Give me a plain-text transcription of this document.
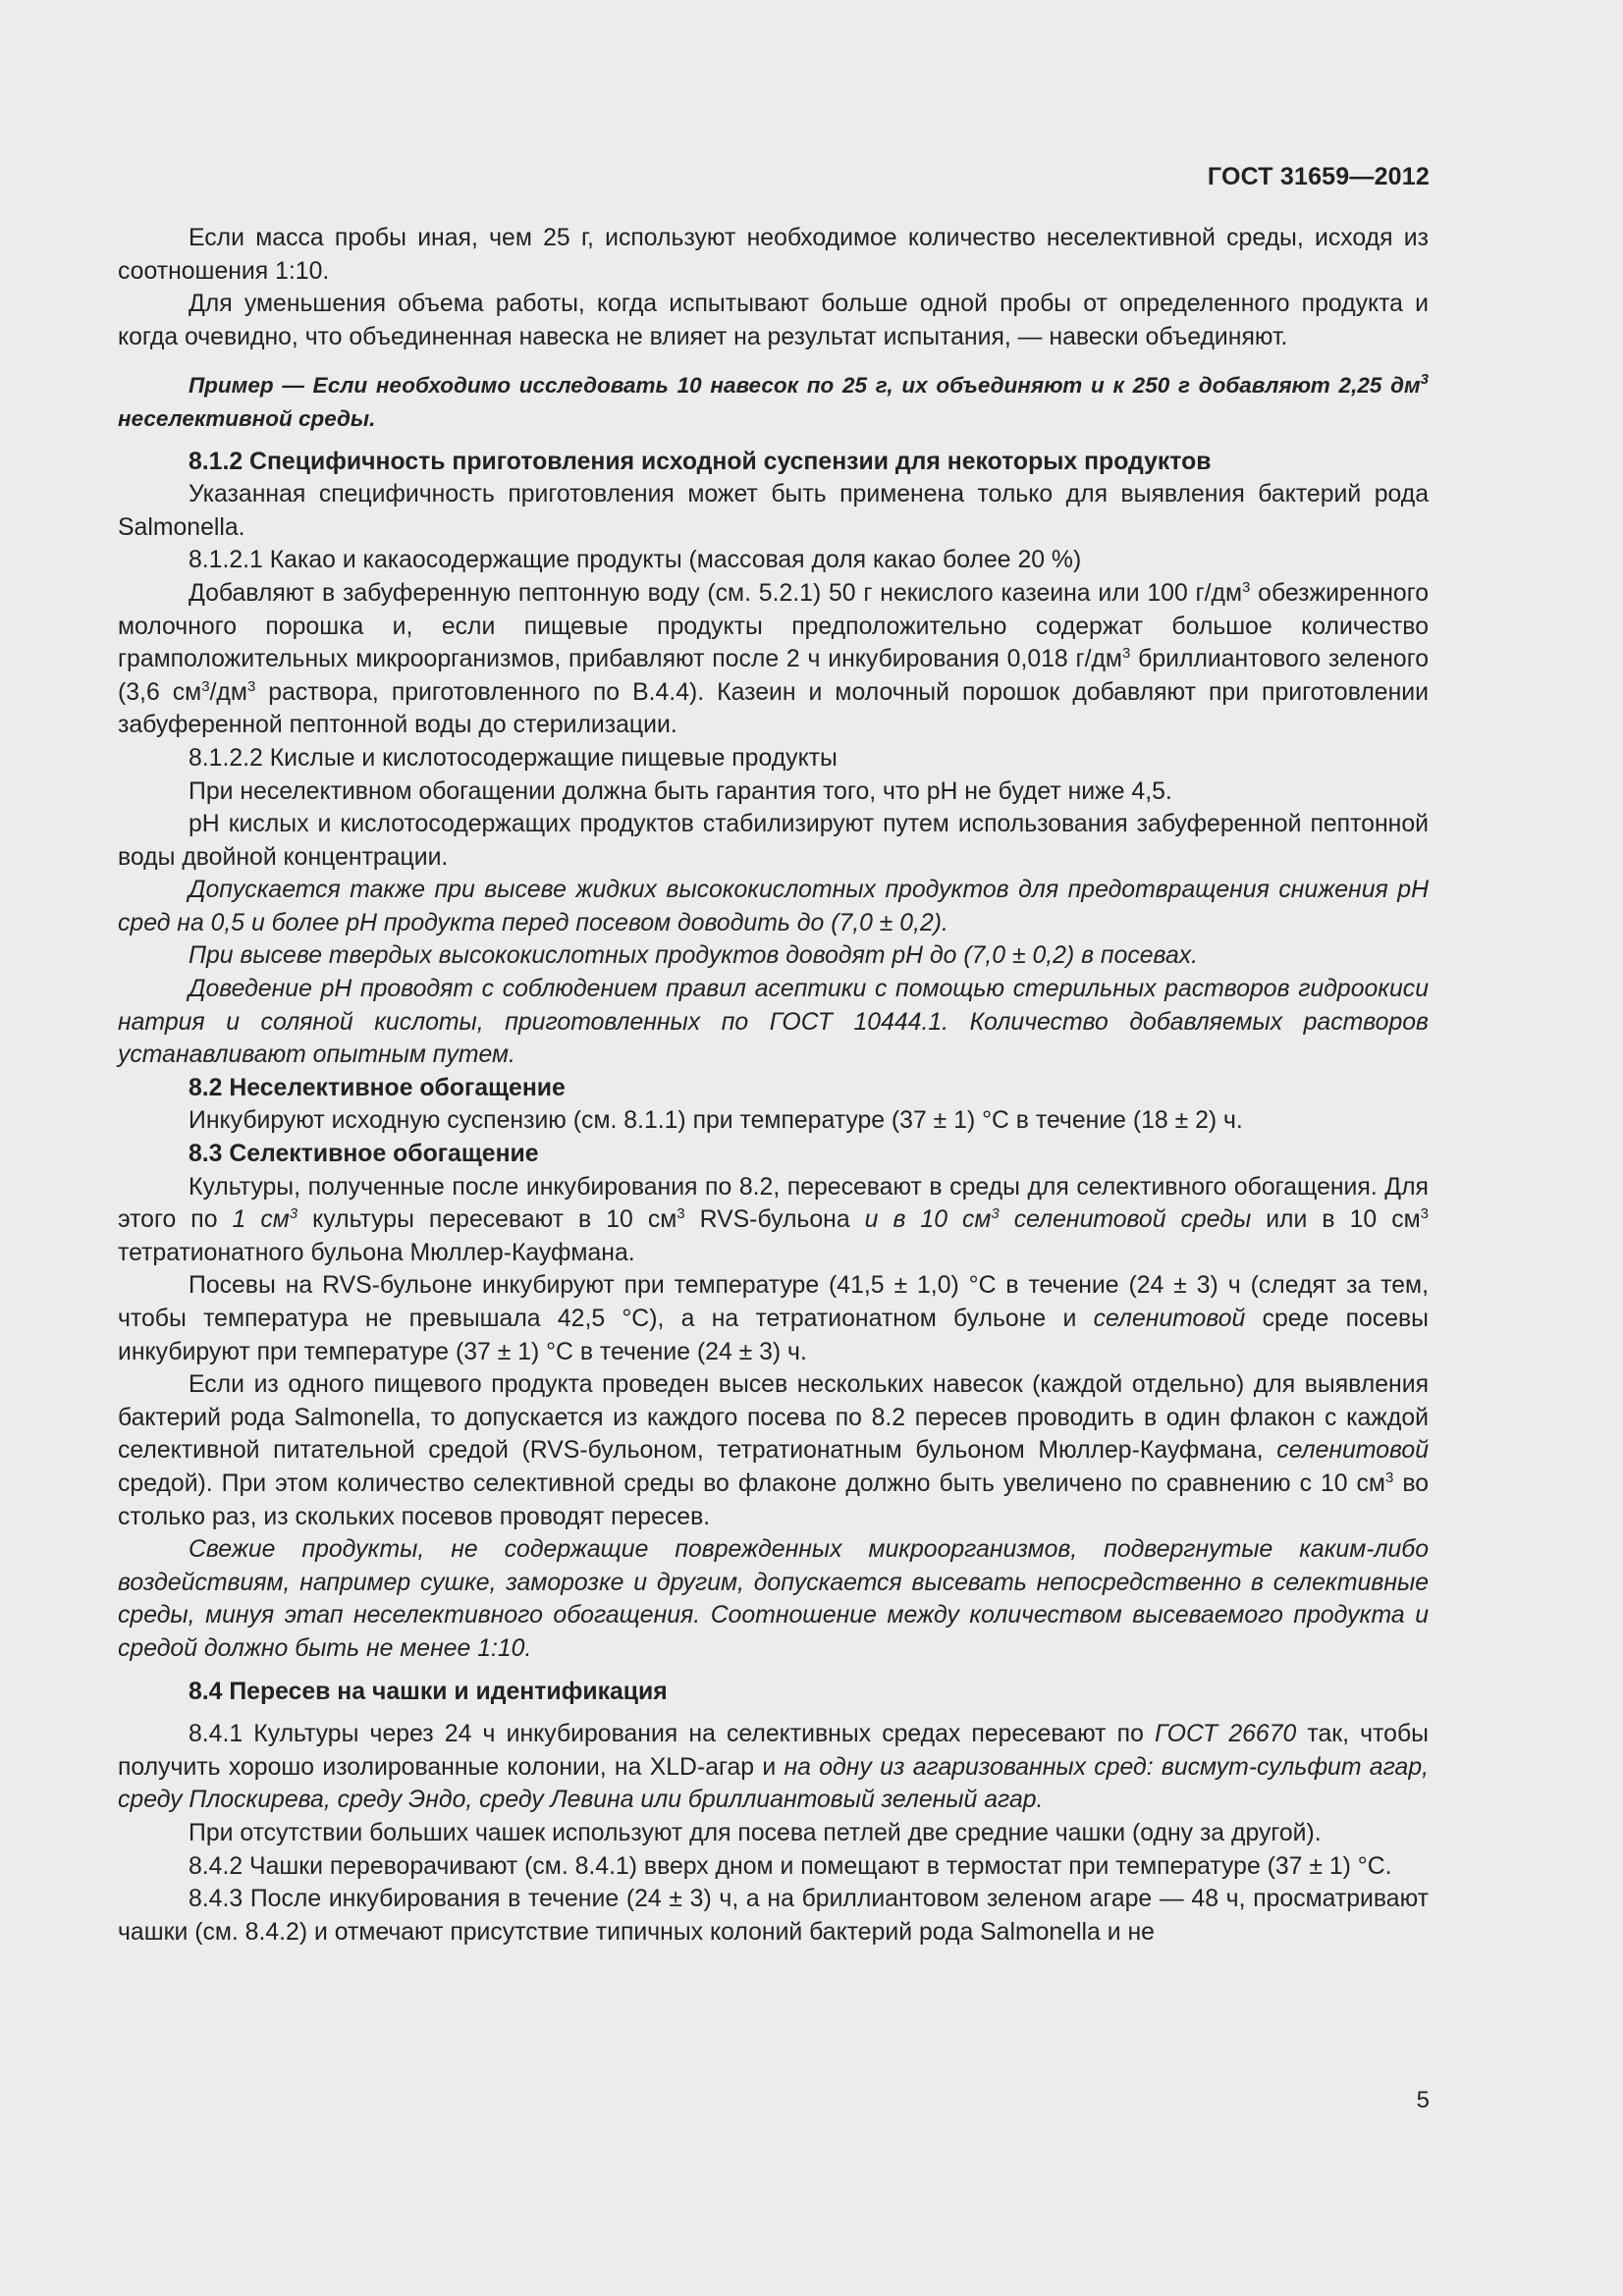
ГОСТ 31659—2012

Если масса пробы иная, чем 25 г, используют необходимое количество неселективной среды, исходя из соотношения 1:10.

Для уменьшения объема работы, когда испытывают больше одной пробы от определенного продукта и когда очевидно, что объединенная навеска не влияет на результат испытания, — навески объединяют.

Пример — Если необходимо исследовать 10 навесок по 25 г, их объединяют и к 250 г добавляют 2,25 $дм^3$ неселективной среды.

8.1.2 Специфичность приготовления исходной суспензии для некоторых продуктов

Указанная специфичность приготовления может быть применена только для выявления бактерий рода Salmonella.

8.1.2.1 Какао и какаосодержащие продукты (массовая доля какао более 20 %)

Добавляют в забуференную пептонную воду (см. 5.2.1) 50 г некислого казеина или 100 $г/дм^3$ обезжиренного молочного порошка и, если пищевые продукты предположительно содержат большое количество грамположительных микроорганизмов, прибавляют после 2 ч инкубирования 0,018 $г/дм^3$ бриллиантового зеленого (3,6 $см^3/дм^3$ раствора, приготовленного по В.4.4). Казеин и молочный порошок добавляют при приготовлении забуференной пептонной воды до стерилизации.

8.1.2.2 Кислые и кислотосодержащие пищевые продукты

При неселективном обогащении должна быть гарантия того, что pH не будет ниже 4,5.

pH кислых и кислотосодержащих продуктов стабилизируют путем использования забуференной пептонной воды двойной концентрации.

Допускается также при высеве жидких высококислотных продуктов для предотвращения снижения pH сред на 0,5 и более pH продукта перед посевом доводить до (7,0 ± 0,2).

При высеве твердых высококислотных продуктов доводят pH до (7,0 ± 0,2) в посевах.

Доведение pH проводят с соблюдением правил асептики с помощью стерильных растворов гидроокиси натрия и соляной кислоты, приготовленных по ГОСТ 10444.1. Количество добавляемых растворов устанавливают опытным путем.

8.2 Неселективное обогащение

Инкубируют исходную суспензию (см. 8.1.1) при температуре (37 ± 1) °С в течение (18 ± 2) ч.

8.3 Селективное обогащение

Культуры, полученные после инкубирования по 8.2, пересевают в среды для селективного обогащения. Для этого по 1 $см^3$ культуры пересевают в 10 $см^3$ RVS-бульона и в 10 $см^3$ селенитовой среды или в 10 $см^3$ тетратионатного бульона Мюллер-Кауфмана.

Посевы на RVS-бульоне инкубируют при температуре (41,5 ± 1,0) °С в течение (24 ± 3) ч (следят за тем, чтобы температура не превышала 42,5 °С), а на тетратионатном бульоне и селенитовой среде посевы инкубируют при температуре (37 ± 1) °С в течение (24 ± 3) ч.

Если из одного пищевого продукта проведен высев нескольких навесок (каждой отдельно) для выявления бактерий рода Salmonella, то допускается из каждого посева по 8.2 пересев проводить в один флакон с каждой селективной питательной средой (RVS-бульоном, тетратионатным бульоном Мюллер-Кауфмана, селенитовой средой). При этом количество селективной среды во флаконе должно быть увеличено по сравнению с 10 $см^3$ во столько раз, из скольких посевов проводят пересев.

Свежие продукты, не содержащие поврежденных микроорганизмов, подвергнутые каким-либо воздействиям, например сушке, заморозке и другим, допускается высевать непосредственно в селективные среды, минуя этап неселективного обогащения. Соотношение между количеством высеваемого продукта и средой должно быть не менее 1:10.

8.4 Пересев на чашки и идентификация

8.4.1 Культуры через 24 ч инкубирования на селективных средах пересевают по ГОСТ 26670 так, чтобы получить хорошо изолированные колонии, на XLD-агар и на одну из агаризованных сред: висмут-сульфит агар, среду Плоскирева, среду Эндо, среду Левина или бриллиантовый зеленый агар.

При отсутствии больших чашек используют для посева петлей две средние чашки (одну за другой).

8.4.2 Чашки переворачивают (см. 8.4.1) вверх дном и помещают в термостат при температуре (37 ± 1) °С.

8.4.3 После инкубирования в течение (24 ± 3) ч, а на бриллиантовом зеленом агаре — 48 ч, просматривают чашки (см. 8.4.2) и отмечают присутствие типичных колоний бактерий рода Salmonella и не

5
